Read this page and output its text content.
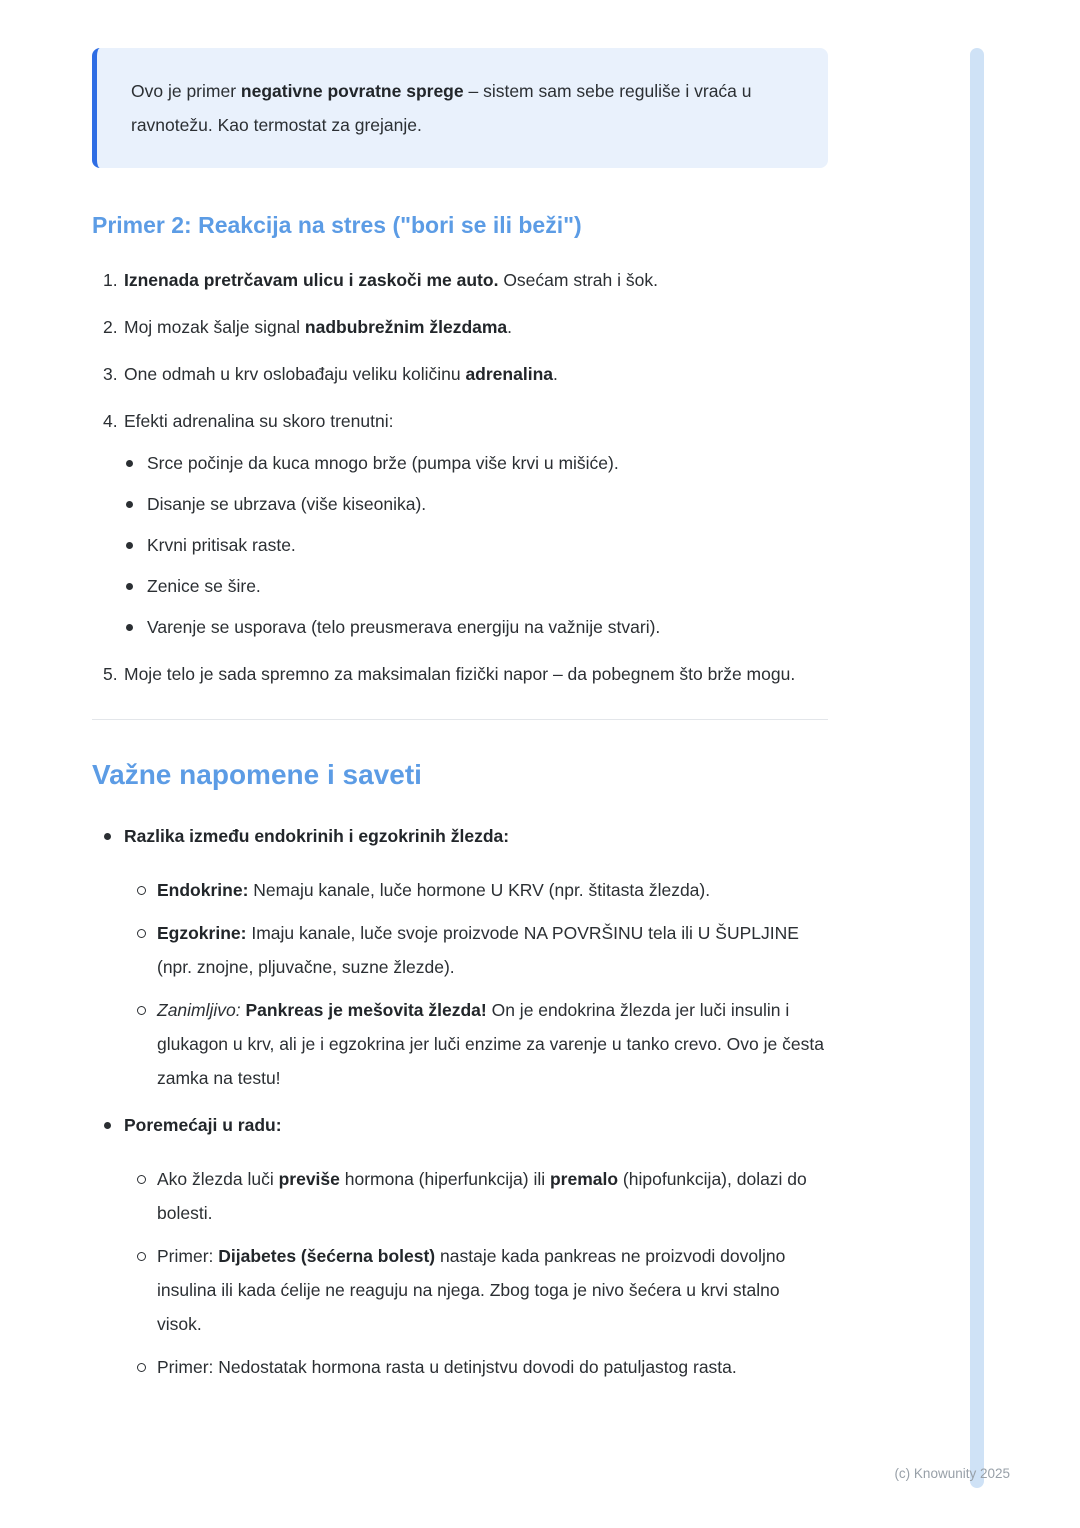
Ovo je primer negativne povratne sprege – sistem sam sebe reguliše i vraća u ravnotežu. Kao termostat za grejanje.

Primer 2: Reakcija na stres ("bori se ili beži")
1. Iznenada pretrčavam ulicu i zaskoči me auto. Osećam strah i šok.

2. Moj mozak šalje signal nadbubrežnim žlezdama.

3. One odmah u krv oslobađaju veliku količinu adrenalina.

4. Efekti adrenalina su skoro trenutni:

Srce počinje da kuca mnogo brže (pumpa više krvi u mišiće).

Disanje se ubrzava (više kiseonika).

Krvni pritisak raste.

Zenice se šire.

Varenje se usporava (telo preusmerava energiju na važnije stvari).

5. Moje telo je sada spremno za maksimalan fizički napor – da pobegnem što brže mogu.

Važne napomene i saveti

Razlika između endokrinih i egzokrinih žlezda:

Endokrine: Nemaju kanale, luče hormone U KRV (npr. štitasta žlezda).

Egzokrine: Imaju kanale, luče svoje proizvode NA POVRŠINU tela ili U ŠUPLJINE (npr. znojne, pljuvačne, suzne žlezde).

Zanimljivo: Pankreas je mešovita žlezda! On je endokrina žlezda jer luči insulin i glukagon u krv, ali je i egzokrina jer luči enzime za varenje u tanko crevo. Ovo je česta zamka na testu!

Poremećaji u radu:

Ako žlezda luči previše hormona (hiperfunkcija) ili premalo (hipofunkcija), dolazi do bolesti.

Primer: Dijabetes (šećerna bolest) nastaje kada pankreas ne proizvodi dovoljno insulina ili kada ćelije ne reaguju na njega. Zbog toga je nivo šećera u krvi stalno visok.

Primer: Nedostatak hormona rasta u detinjstvu dovodi do patuljastog rasta.

(c) Knowunity 2025
